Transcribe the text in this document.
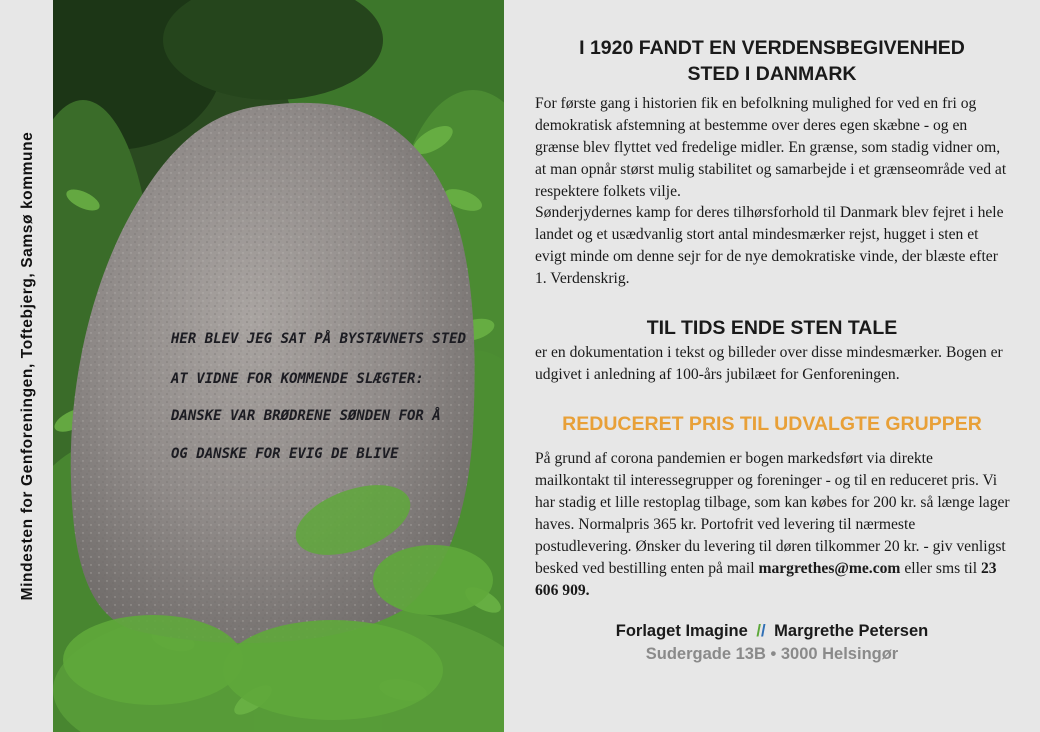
Mindesten for Genforeningen, Toftebjerg, Samsø kommune	HER BLEV JEG SAT PÅ BYSTÆVNETS STED
AT VIDNE FOR KOMMENDE SLÆGTER:
DANSKE VAR BRØDRENE SØNDEN FOR Å
OG DANSKE FOR EVIG DE BLIVE
I 1920 FANDT EN VERDENSBEGIVENHED
STED I DANMARK

For første gang i historien fik en befolkning mulighed for ved en fri og demokratisk afstemning at bestemme over deres egen skæbne - og en grænse blev flyttet ved fredelige midler. En grænse, som stadig vidner om, at man opnår størst mulig stabilitet og samarbejde i et grænseområde ved at respektere folkets vilje.

Sønderjydernes kamp for deres tilhørsforhold til Danmark blev fejret i hele landet og et usædvanlig stort antal mindesmærker rejst, hugget i sten et evigt minde om denne sejr for de nye demokratiske vinde, der blæste efter 1. Verdenskrig.

TIL TIDS ENDE STEN TALE

er en dokumentation i tekst og billeder over disse mindesmærker. Bogen er udgivet i anledning af 100-års jubilæet for Genforeningen.

REDUCERET PRIS TIL UDVALGTE GRUPPER

På grund af corona pandemien er bogen markedsført via direkte mailkontakt til interessegrupper og foreninger - og til en reduceret pris. Vi har stadig et lille restoplag tilbage, som kan købes for 200 kr. så længe lager haves. Normalpris 365 kr. Portofrit ved levering til nærmeste postudlevering. Ønsker du levering til døren tilkommer 20 kr. - giv venligst besked ved bestilling enten på mail margrethes@me.com eller sms til 23 606 909.

Forlaget Imagine // Margrethe Petersen
Sudergade 13B • 3000 Helsingør
